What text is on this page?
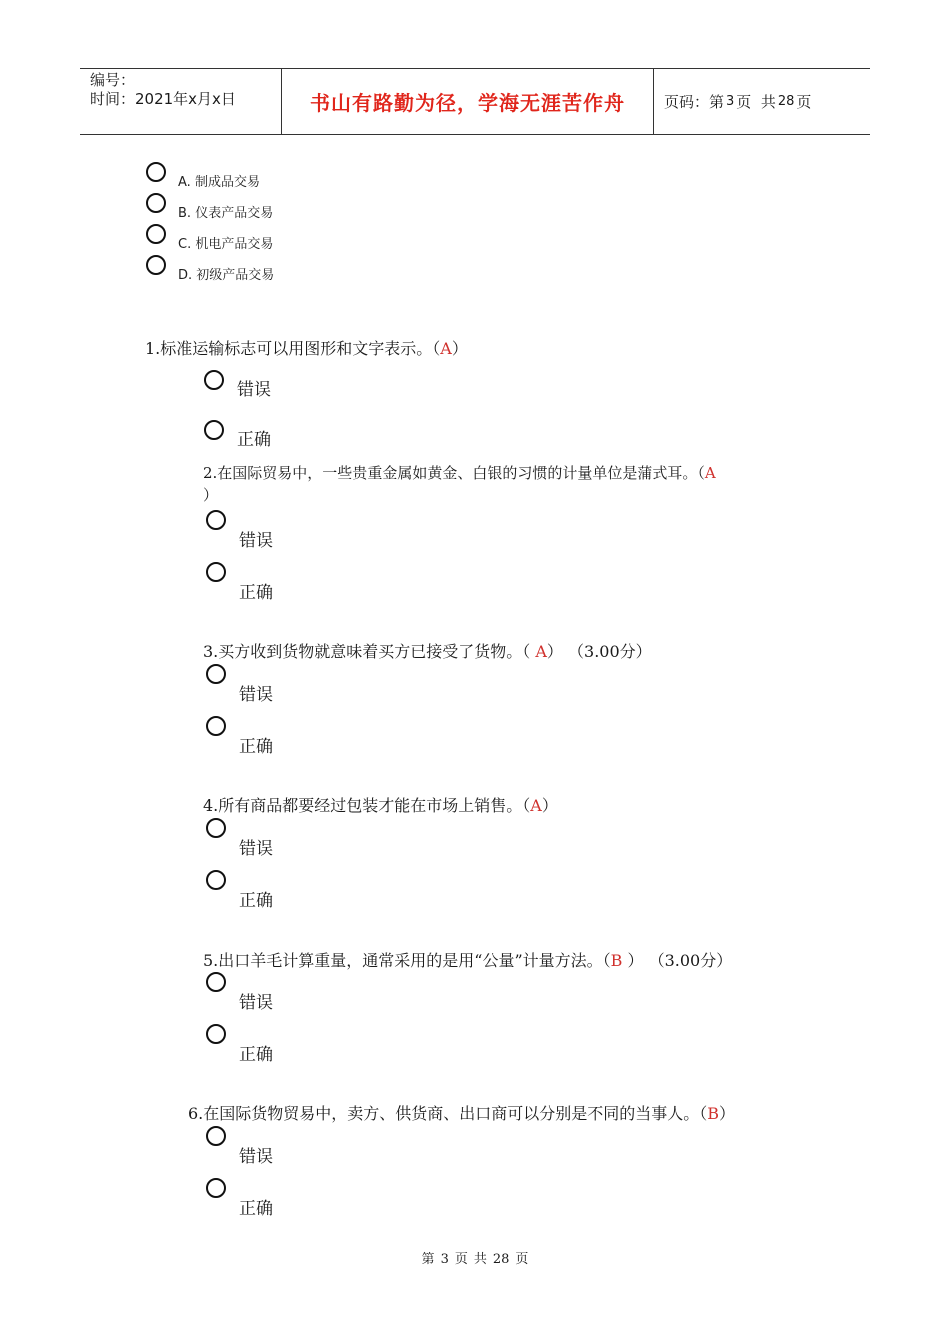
编号：
时间：2021年x月x日	书山有路勤为径，学海无涯苦作舟	页码：第 3 页  共 28 页
A. 制成品交易
B. 仪表产品交易
C. 机电产品交易
D. 初级产品交易
1.标准运输标志可以用图形和文字表示。（A）
错误
正确
2.在国际贸易中，一些贵重金属如黄金、白银的习惯的计量单位是蒲式耳。（A
）
错误
正确
3.买方收到货物就意味着买方已接受了货物。（ A） （3.00分）
错误
正确
4.所有商品都要经过包装才能在市场上销售。（A）
错误
正确
5.出口羊毛计算重量，通常采用的是用“公量”计量方法。（B ） （3.00分）
错误
正确
6.在国际货物贸易中，卖方、供货商、出口商可以分别是不同的当事人。（B）
错误
正确
第 3 页 共 28 页
